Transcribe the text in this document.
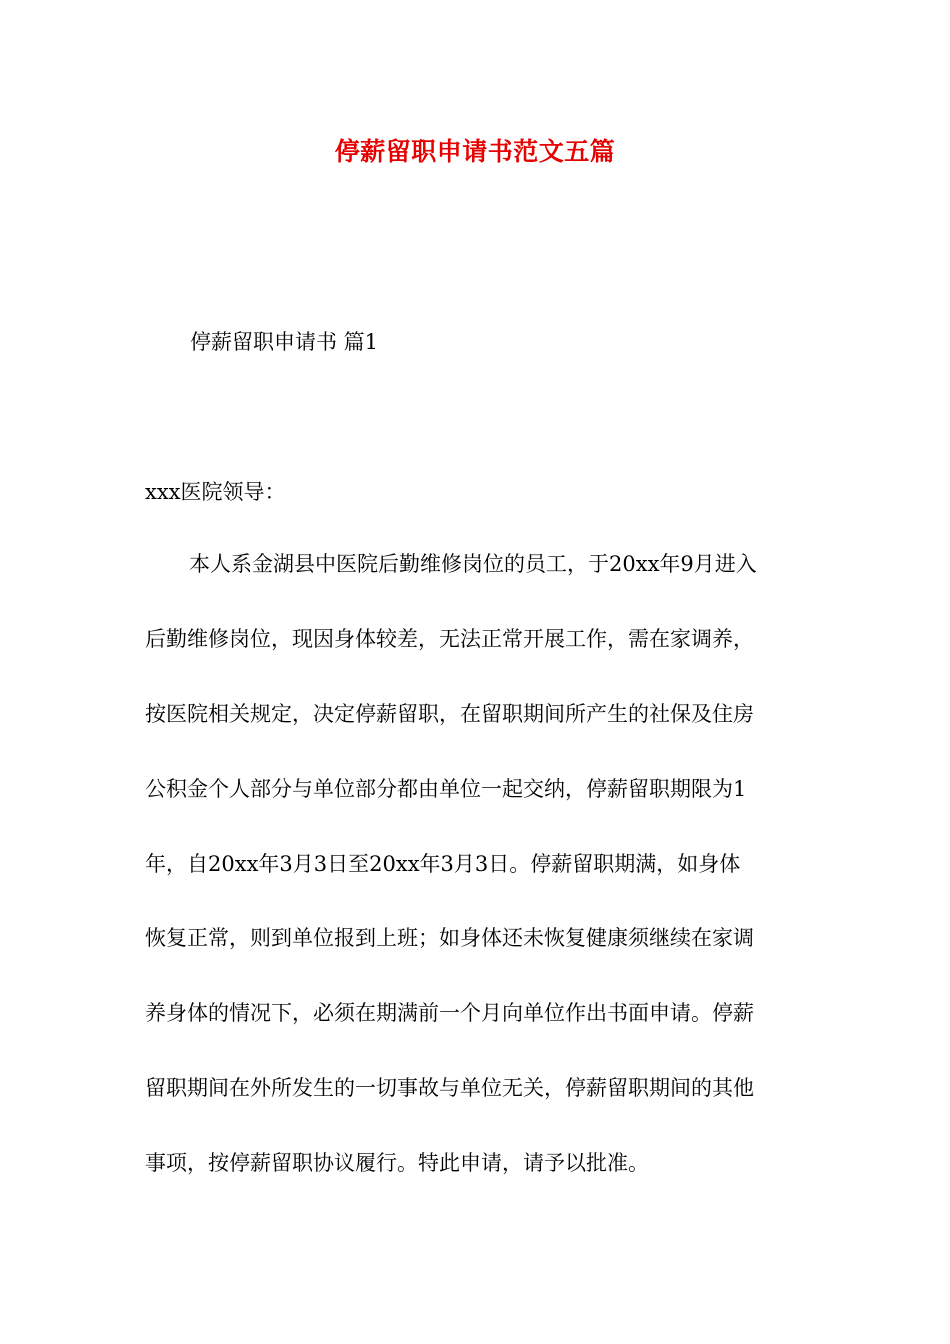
停薪留职申请书范文五篇

停薪留职申请书 篇1

xxx医院领导：

本人系金湖县中医院后勤维修岗位的员工，于20xx年9月进入
后勤维修岗位，现因身体较差，无法正常开展工作，需在家调养，
按医院相关规定，决定停薪留职，在留职期间所产生的社保及住房
公积金个人部分与单位部分都由单位一起交纳，停薪留职期限为1
年，自20xx年3月3日至20xx年3月3日。停薪留职期满，如身体
恢复正常，则到单位报到上班；如身体还未恢复健康须继续在家调
养身体的情况下，必须在期满前一个月向单位作出书面申请。停薪
留职期间在外所发生的一切事故与单位无关，停薪留职期间的其他
事项，按停薪留职协议履行。特此申请，请予以批准。
